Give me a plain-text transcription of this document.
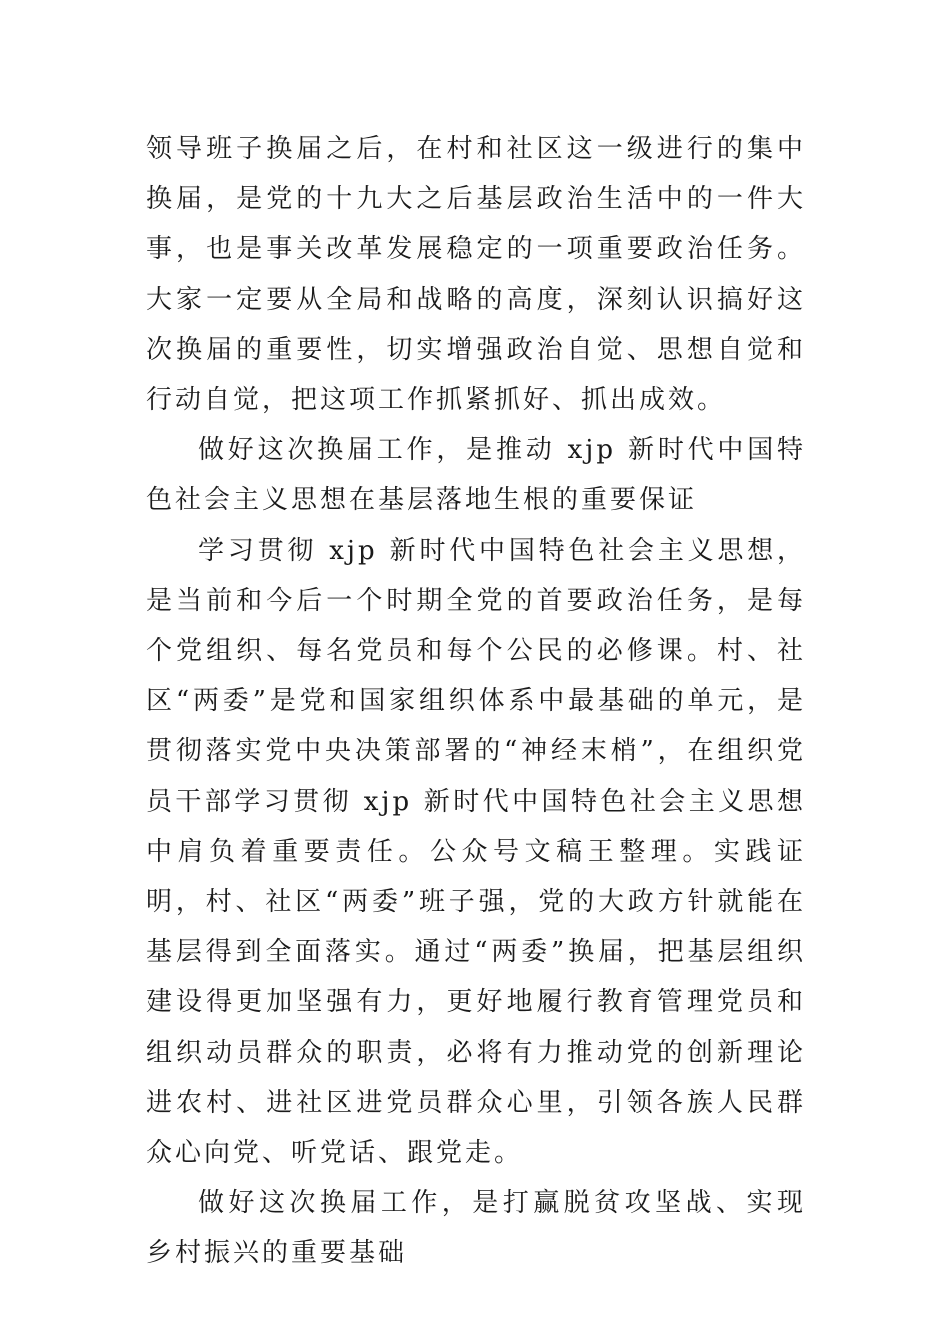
领导班子换届之后，在村和社区这一级进行的集中换届，是党的十九大之后基层政治生活中的一件大事，也是事关改革发展稳定的一项重要政治任务。大家一定要从全局和战略的高度，深刻认识搞好这次换届的重要性，切实增强政治自觉、思想自觉和行动自觉，把这项工作抓紧抓好、抓出成效。

做好这次换届工作，是推动 xjp 新时代中国特色社会主义思想在基层落地生根的重要保证

学习贯彻 xjp 新时代中国特色社会主义思想，是当前和今后一个时期全党的首要政治任务，是每个党组织、每名党员和每个公民的必修课。村、社区“两委”是党和国家组织体系中最基础的单元，是贯彻落实党中央决策部署的“神经末梢”，在组织党员干部学习贯彻 xjp 新时代中国特色社会主义思想中肩负着重要责任。公众号文稿王整理。实践证明，村、社区“两委”班子强，党的大政方针就能在基层得到全面落实。通过“两委”换届，把基层组织建设得更加坚强有力，更好地履行教育管理党员和组织动员群众的职责，必将有力推动党的创新理论进农村、进社区进党员群众心里，引领各族人民群众心向党、听党话、跟党走。

做好这次换届工作，是打赢脱贫攻坚战、实现乡村振兴的重要基础
